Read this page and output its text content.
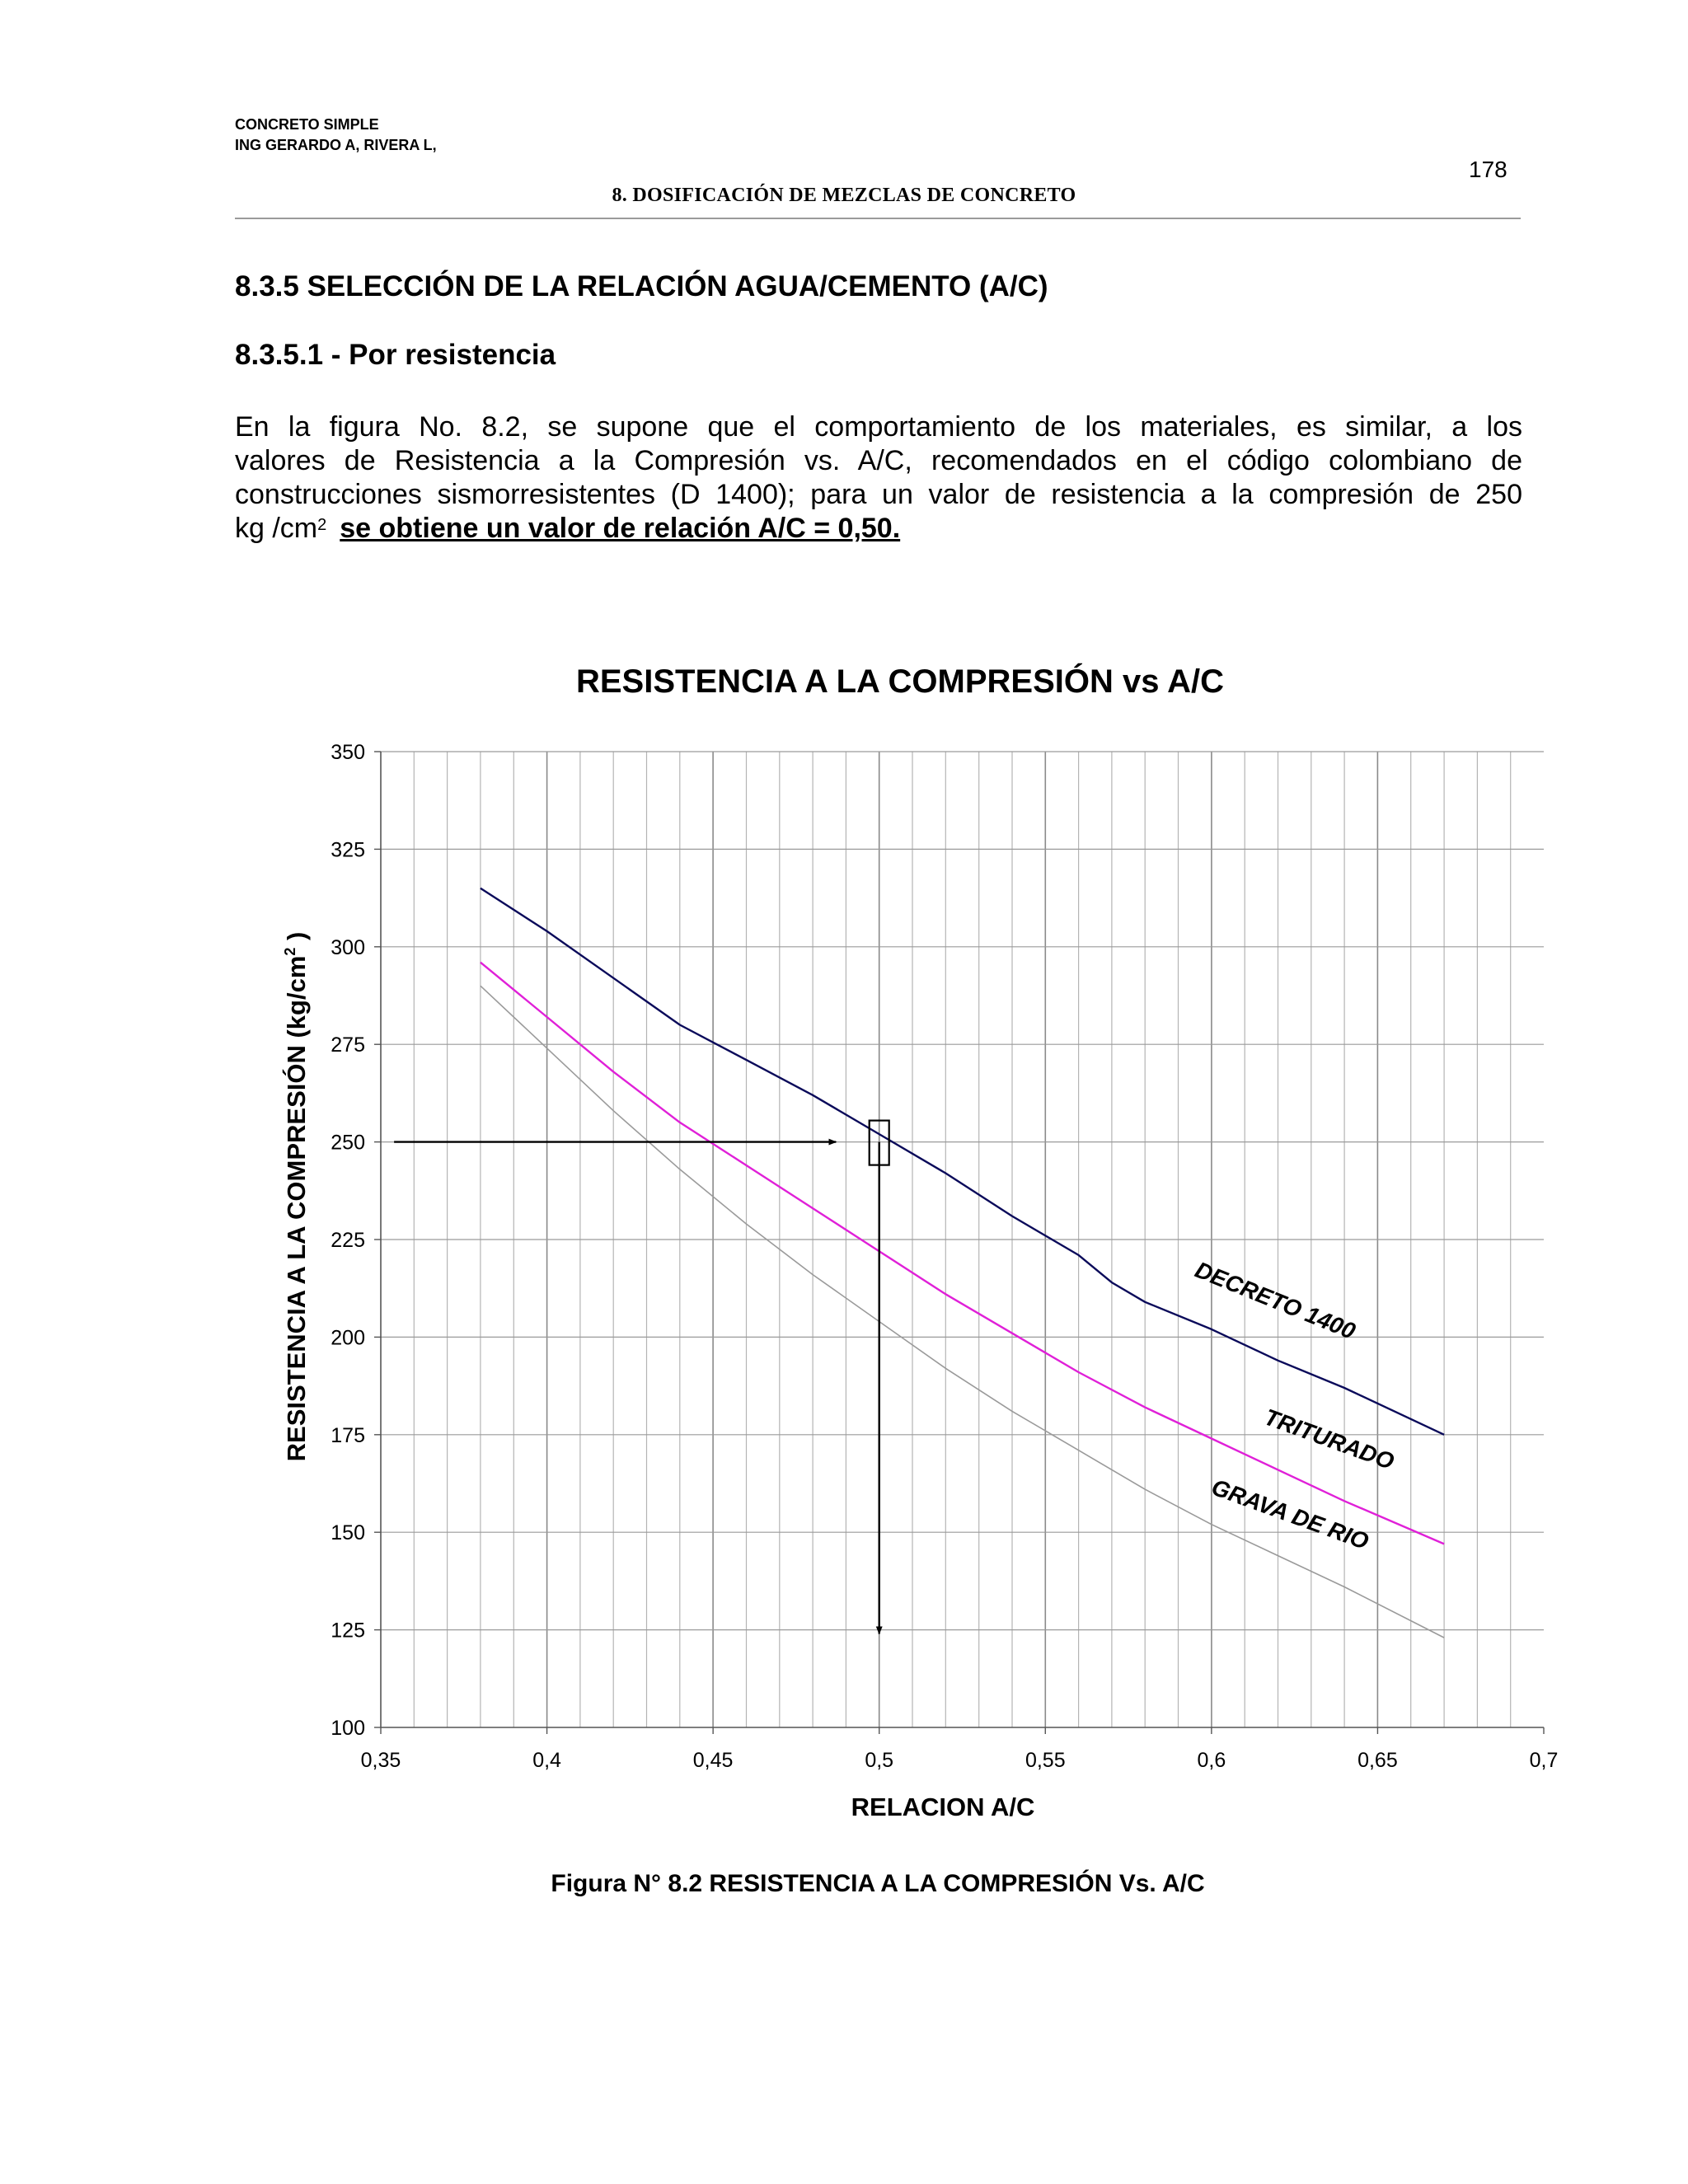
CONCRETO SIMPLE
ING GERARDO A, RIVERA L,
178
8. DOSIFICACIÓN DE MEZCLAS DE CONCRETO
8.3.5 SELECCIÓN DE LA RELACIÓN AGUA/CEMENTO (A/C)
8.3.5.1 - Por resistencia
En la figura No. 8.2, se supone que el comportamiento de los materiales, es similar, a los
valores de Resistencia a la Compresión vs. A/C, recomendados en el código colombiano de
construcciones sismorresistentes (D 1400); para un valor de resistencia a la compresión de 250
kg $/cm^2$ se obtiene un valor de relación A/C = 0,50.
RESISTENCIA A LA COMPRESIÓN vs A/C
100
125
150
175
200
225
250
275
300
325
350
0,35	0,4	0,45	0,5	0,55	0,6	0,65	0,7
DECRETO 1400
TRITURADO
GRAVA DE RIO
RELACION A/C
RESISTENCIA A LA COMPRESIÓN ($kg/cm^2$ )
Figura N° 8.2 RESISTENCIA A LA COMPRESIÓN Vs. A/C
